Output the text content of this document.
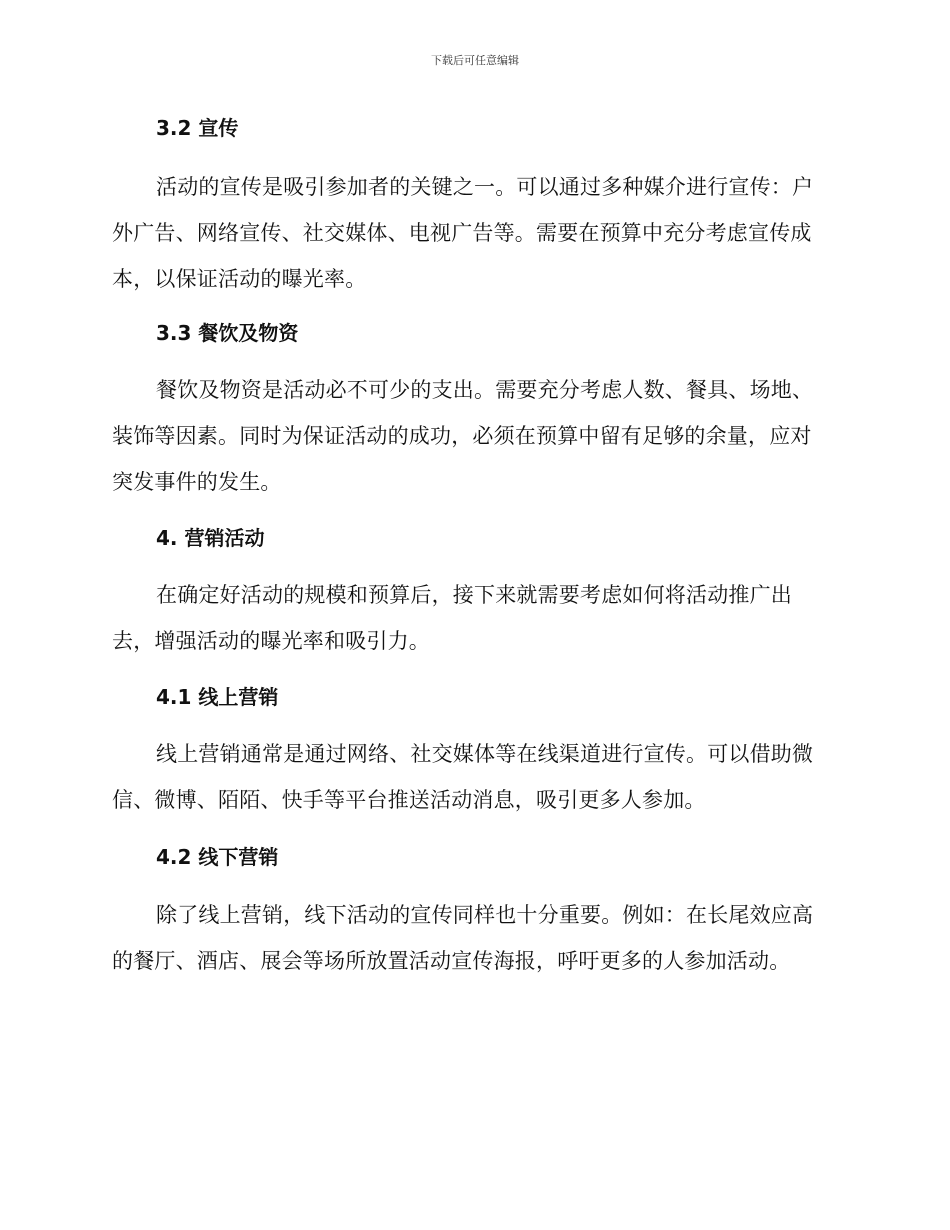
下载后可任意编辑
3.2 宣传
活动的宣传是吸引参加者的关键之一。可以通过多种媒介进行宣传：户外广告、网络宣传、社交媒体、电视广告等。需要在预算中充分考虑宣传成本，以保证活动的曝光率。
3.3 餐饮及物资
餐饮及物资是活动必不可少的支出。需要充分考虑人数、餐具、场地、装饰等因素。同时为保证活动的成功，必须在预算中留有足够的余量，应对突发事件的发生。
4. 营销活动
在确定好活动的规模和预算后，接下来就需要考虑如何将活动推广出去，增强活动的曝光率和吸引力。
4.1 线上营销
线上营销通常是通过网络、社交媒体等在线渠道进行宣传。可以借助微信、微博、陌陌、快手等平台推送活动消息，吸引更多人参加。
4.2 线下营销
除了线上营销，线下活动的宣传同样也十分重要。例如：在长尾效应高的餐厅、酒店、展会等场所放置活动宣传海报，呼吁更多的人参加活动。
